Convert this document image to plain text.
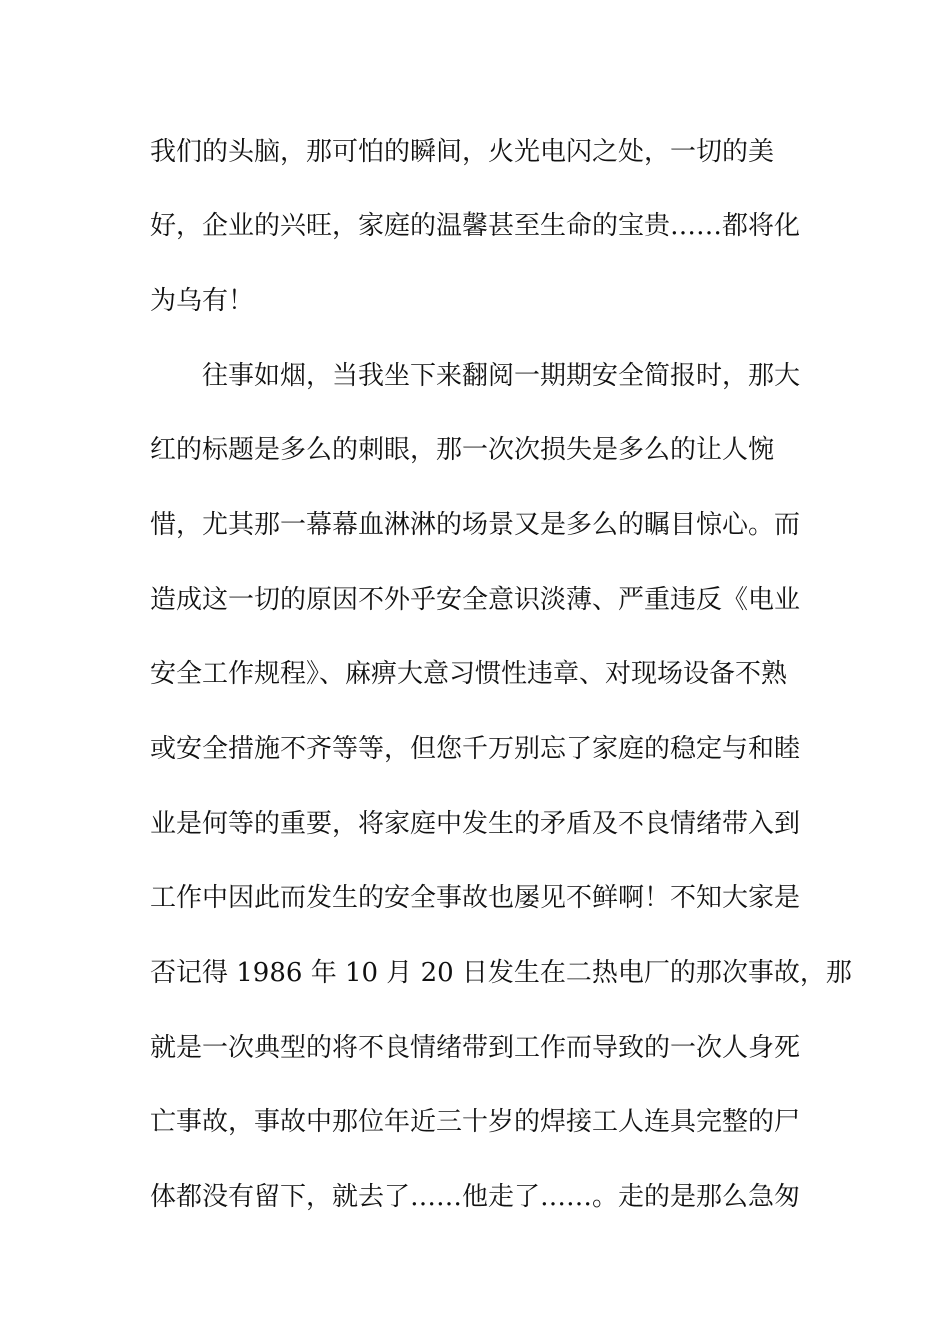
我们的头脑，那可怕的瞬间，火光电闪之处，一切的美
好，企业的兴旺，家庭的温馨甚至生命的宝贵……都将化
为乌有！
往事如烟，当我坐下来翻阅一期期安全简报时，那大
红的标题是多么的刺眼，那一次次损失是多么的让人惋
惜，尤其那一幕幕血淋淋的场景又是多么的瞩目惊心。而
造成这一切的原因不外乎安全意识淡薄、严重违反《电业
安全工作规程》、麻痹大意习惯性违章、对现场设备不熟
或安全措施不齐等等，但您千万别忘了家庭的稳定与和睦
业是何等的重要，将家庭中发生的矛盾及不良情绪带入到
工作中因此而发生的安全事故也屡见不鲜啊！不知大家是
否记得 1986 年 10 月 20 日发生在二热电厂的那次事故，那
就是一次典型的将不良情绪带到工作而导致的一次人身死
亡事故，事故中那位年近三十岁的焊接工人连具完整的尸
体都没有留下，就去了……他走了……。走的是那么急匆
